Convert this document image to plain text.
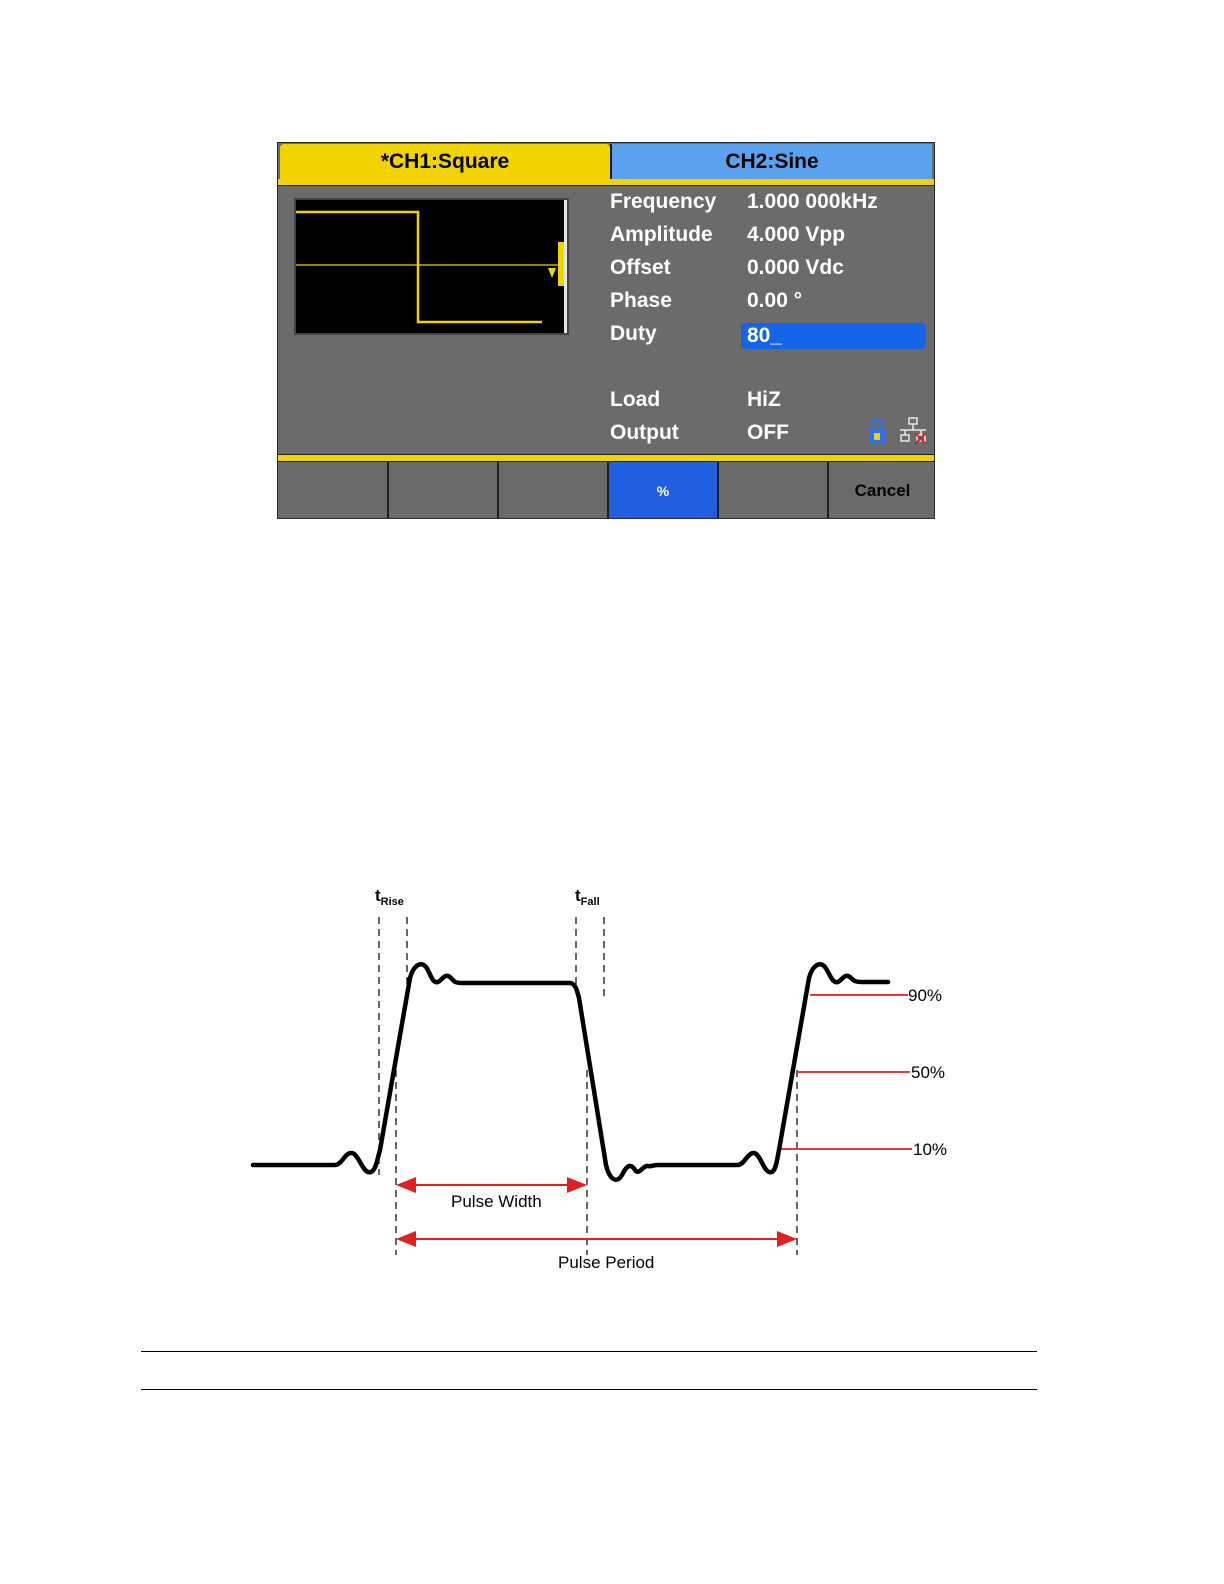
*CH1:Square	CH2:Sine
Frequency 1.000 000kHz
Amplitude 4.000 Vpp
Offset	0.000 Vdc
Phase	0.00 °
Duty	80_
Load	HiZ
Output	OFF
%	Cancel
$t_{Rise}$	$t_{Fall}$
90%
50%
10%
Pulse Width
Pulse Period
